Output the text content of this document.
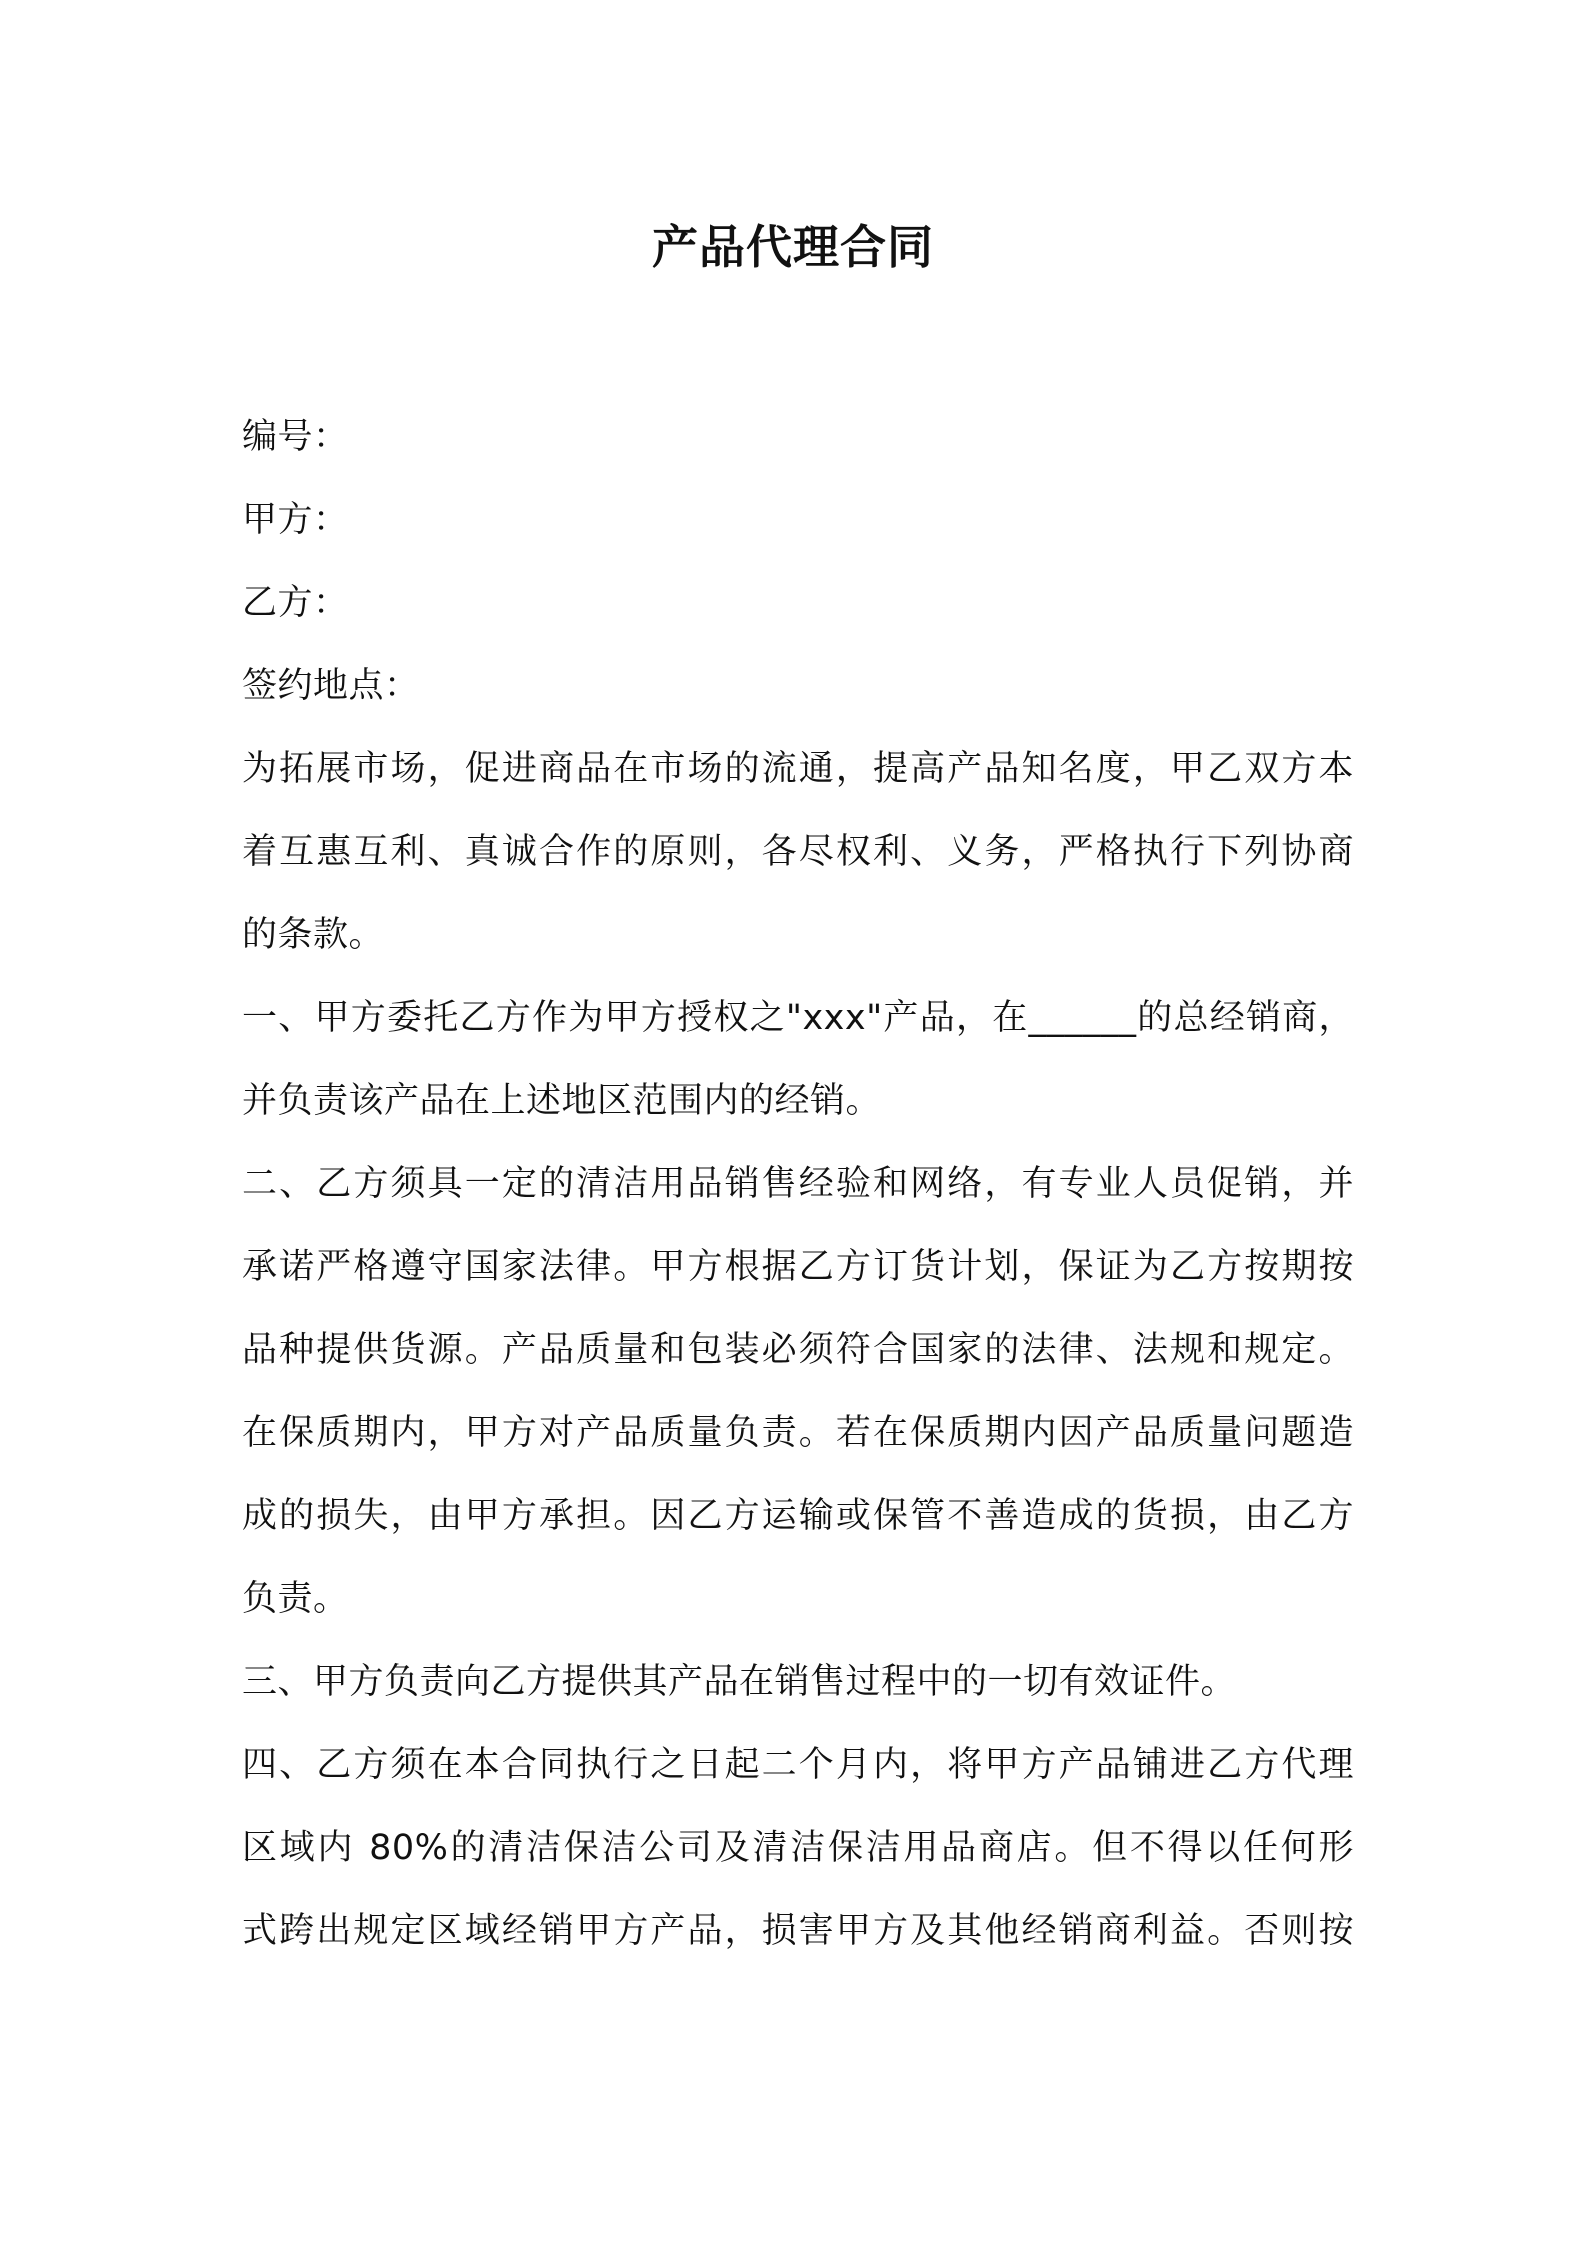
产品代理合同
编号：
甲方：
乙方：
签约地点：
为拓展市场，促进商品在市场的流通，提高产品知名度，甲乙双方本
着互惠互利、真诚合作的原则，各尽权利、义务，严格执行下列协商
的条款。
一、甲方委托乙方作为甲方授权之"xxx"产品，在______的总经销商，
并负责该产品在上述地区范围内的经销。
二、乙方须具一定的清洁用品销售经验和网络，有专业人员促销，并
承诺严格遵守国家法律。甲方根据乙方订货计划，保证为乙方按期按
品种提供货源。产品质量和包装必须符合国家的法律、法规和规定。
在保质期内，甲方对产品质量负责。若在保质期内因产品质量问题造
成的损失，由甲方承担。因乙方运输或保管不善造成的货损，由乙方
负责。
三、甲方负责向乙方提供其产品在销售过程中的一切有效证件。
四、乙方须在本合同执行之日起二个月内，将甲方产品铺进乙方代理
区域内 80%的清洁保洁公司及清洁保洁用品商店。但不得以任何形
式跨出规定区域经销甲方产品，损害甲方及其他经销商利益。否则按
